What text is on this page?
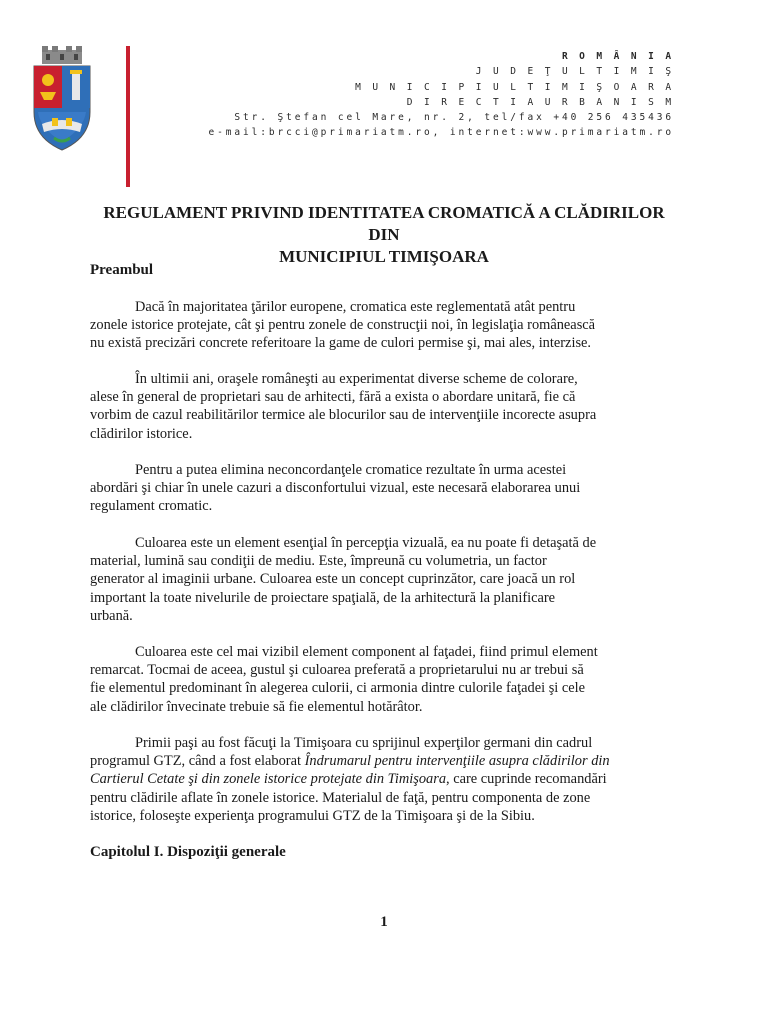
R O M Â N I A
J U D E Ţ U L T I M I Ş
M U N I C I P I U L T I M I Ş O A R A
D I R E C T I A U R B A N I S M
Str. Ştefan cel Mare, nr. 2, tel/fax +40 256 435436
e-mail:brcci@primariatm.ro, internet:www.primariatm.ro
REGULAMENT PRIVIND IDENTITATEA CROMATICĂ A CLĂDIRILOR DIN
MUNICIPIUL TIMIŞOARA
Preambul
Dacă în majoritatea ţărilor europene, cromatica este reglementată atât pentru
zonele istorice protejate, cât şi pentru zonele de construcţii noi, în legislaţia românească
nu există precizări concrete referitoare la game de culori permise şi, mai ales, interzise.
În ultimii ani, oraşele româneşti au experimentat diverse scheme de colorare,
alese în general de proprietari sau de arhitecti, fără a exista o abordare unitară, fie că
vorbim de cazul reabilitărilor termice ale blocurilor sau de intervenţiile incorecte asupra
clădirilor istorice.
Pentru a putea elimina neconcordanţele cromatice rezultate în urma acestei
abordări şi chiar în unele cazuri a disconfortului vizual, este necesară elaborarea unui
regulament cromatic.
Culoarea este un element esenţial în percepţia vizuală, ea nu poate fi detaşată de
material, lumină sau condiţii de mediu. Este, împreună cu volumetria, un factor
generator al imaginii urbane. Culoarea este un concept cuprinzător, care joacă un rol
important la toate nivelurile de proiectare spaţială, de la arhitectură la planificare
urbană.
Culoarea este cel mai vizibil element component al faţadei, fiind primul element
remarcat. Tocmai de aceea, gustul şi culoarea preferată a proprietarului nu ar trebui să
fie elementul predominant în alegerea culorii, ci armonia dintre culorile faţadei şi cele
ale clădirilor învecinate trebuie să fie elementul hotărâtor.
Primii paşi au fost făcuţi la Timişoara cu sprijinul experţilor germani din cadrul
programul GTZ, când a fost elaborat Îndrumarul pentru intervenţiile asupra clădirilor din
Cartierul Cetate şi din zonele istorice protejate din Timişoara, care cuprinde recomandări
pentru clădirile aflate în zonele istorice. Materialul de faţă, pentru componenta de zone
istorice, foloseşte experienţa programului GTZ de la Timişoara şi de la Sibiu.
Capitolul I. Dispoziţii generale
1
